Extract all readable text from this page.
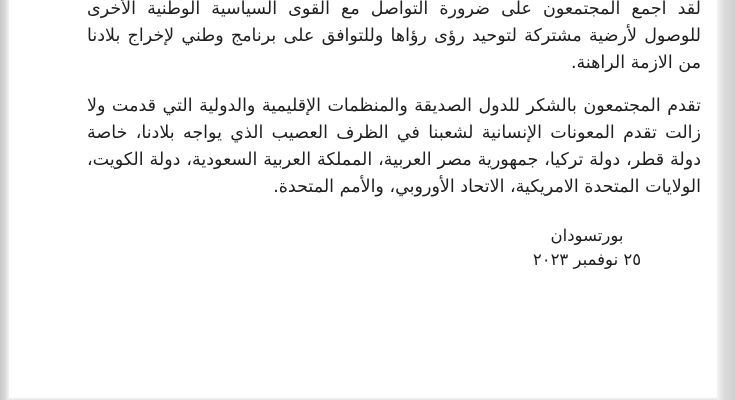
لقد اجمع المجتمعون على ضرورة التواصل مع القوى السياسية الوطنية الأخرى للوصول لأرضية مشتركة لتوحيد رؤى رؤاها وللتوافق على برنامج وطني لإخراج بلادنا من الازمة الراهنة.

تقدم المجتمعون بالشكر للدول الصديقة والمنظمات الإقليمية والدولية التي قدمت ولا زالت تقدم المعونات الإنسانية لشعبنا في الظرف العصيب الذي يواجه بلادنا، خاصة دولة قطر، دولة تركيا، جمهورية مصر العربية، المملكة العربية السعودية، دولة الكويت، الولايات المتحدة الامريكية، الاتحاد الأوروبي، والأمم المتحدة.

بورتسودان
٢٥ نوفمبر ٢٠٢٣
